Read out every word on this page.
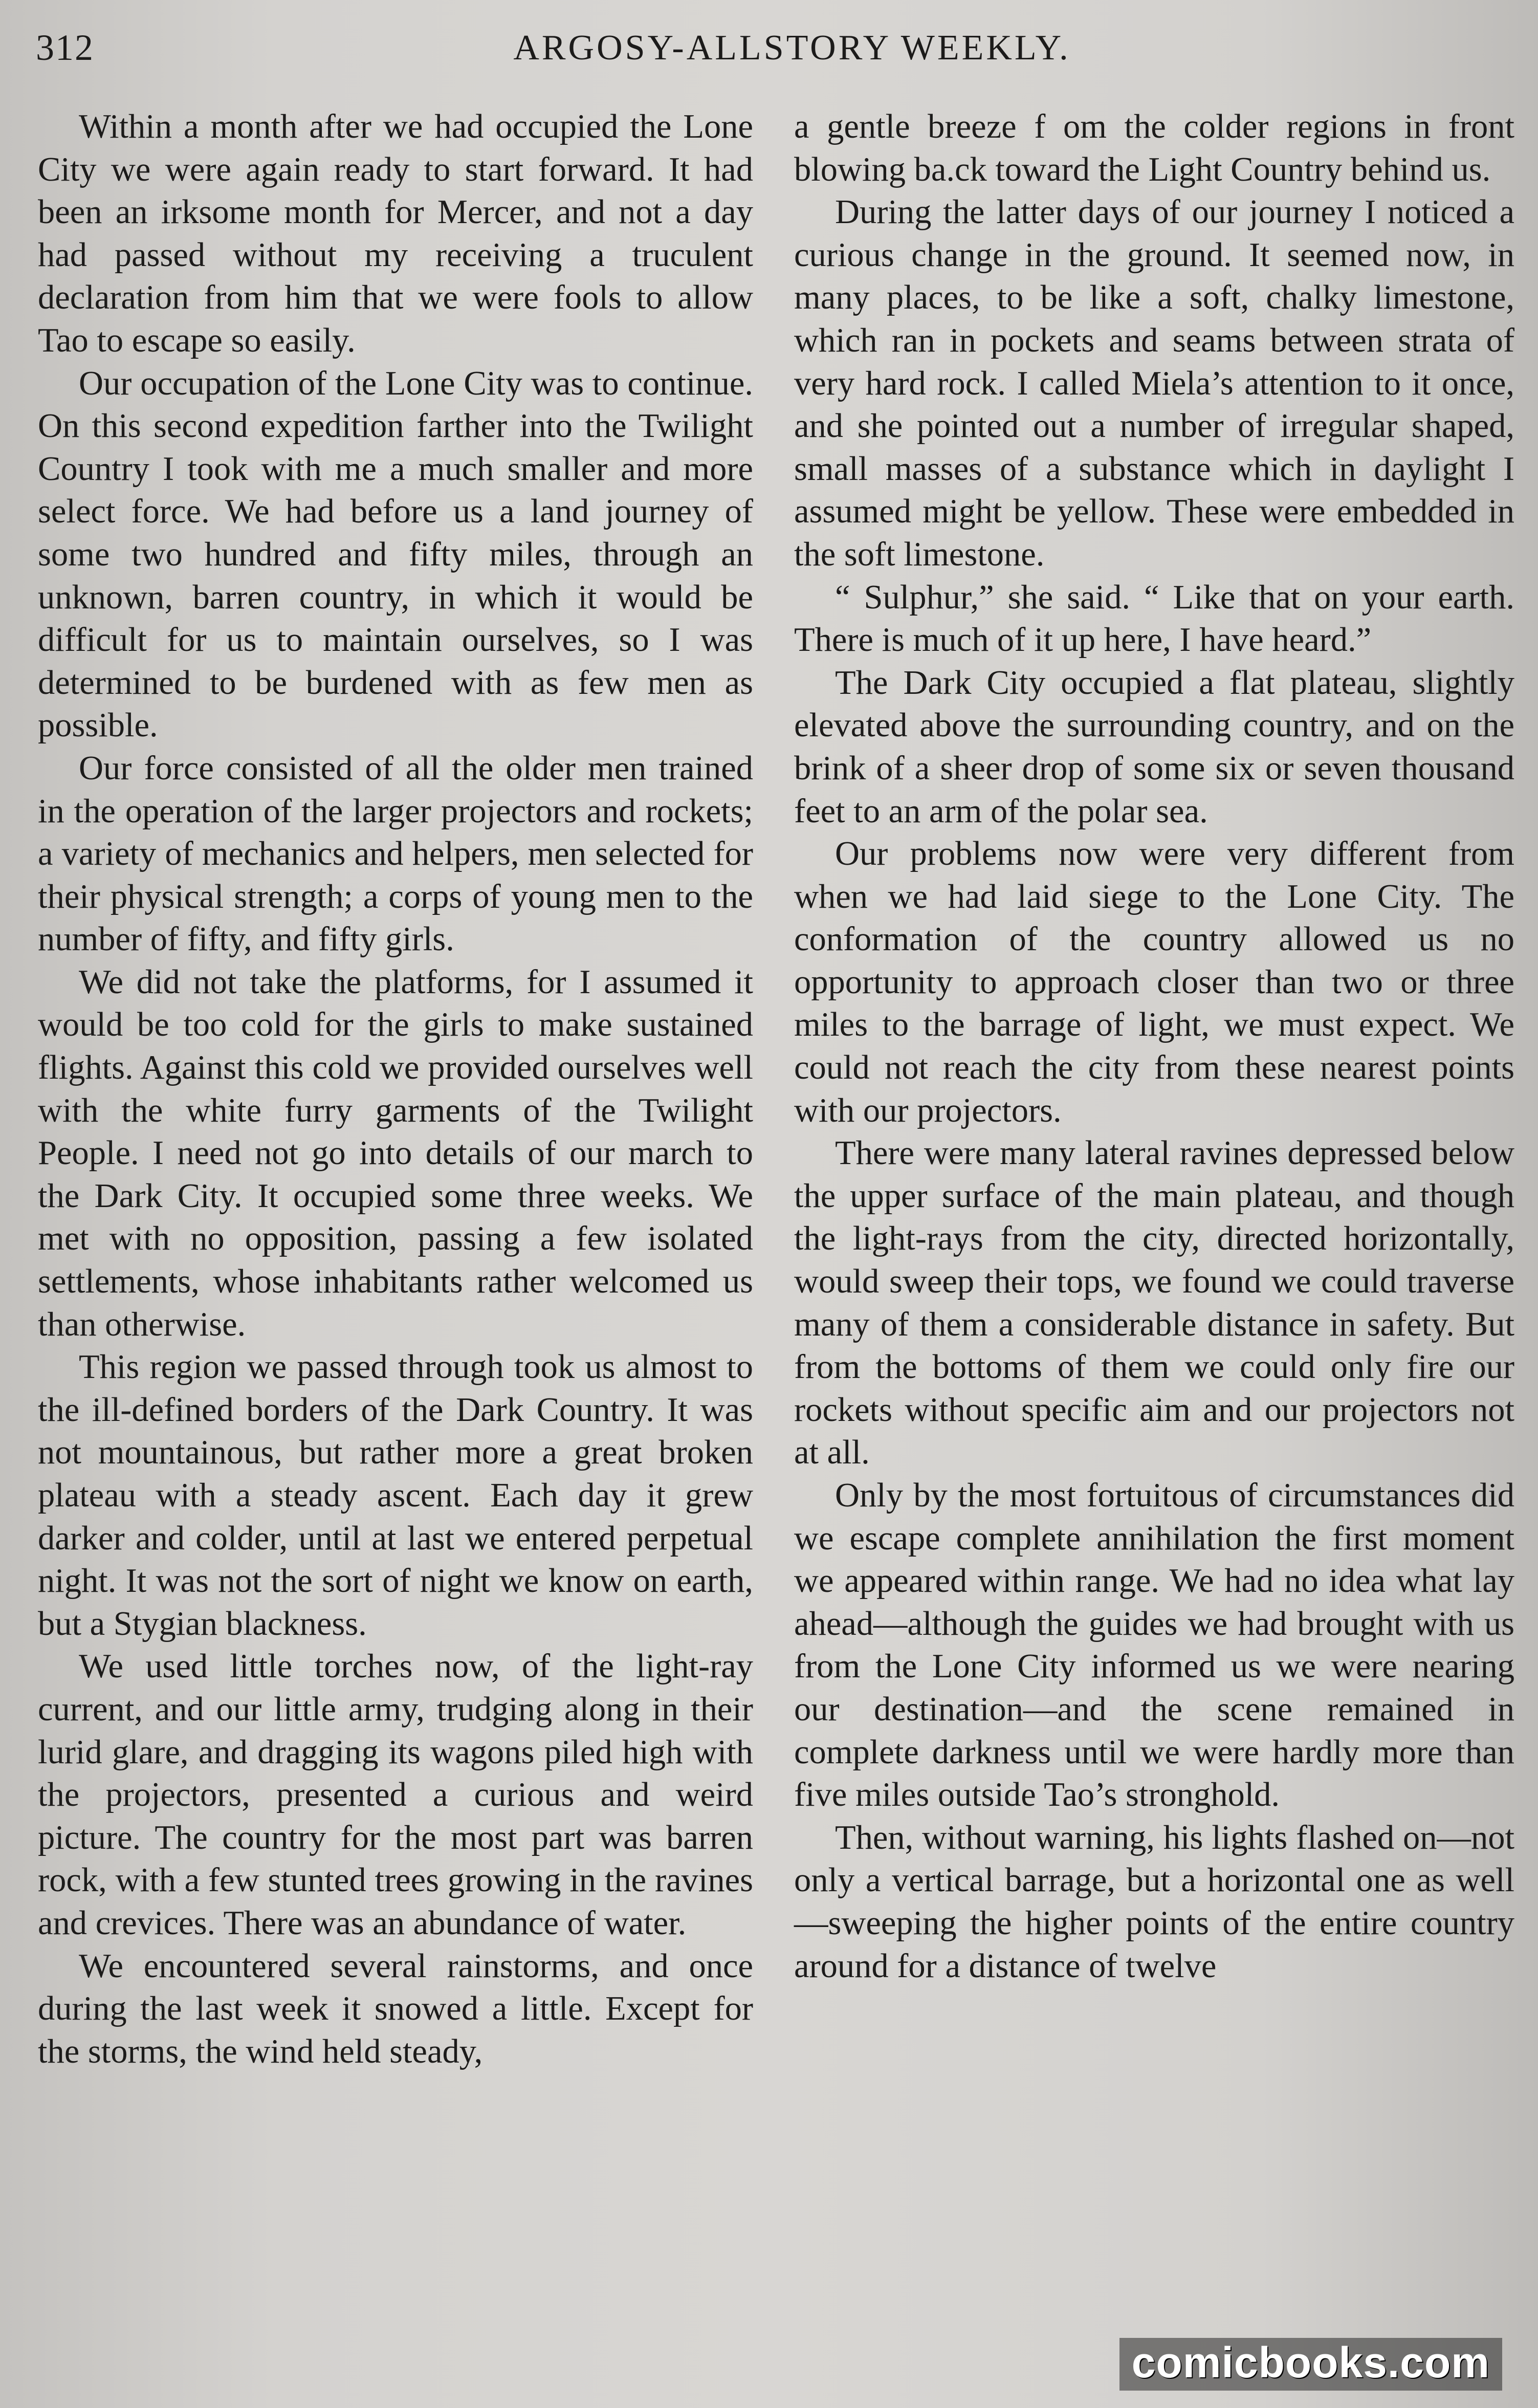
312	ARGOSY-ALLSTORY WEEKLY.

Within a month after we had occupied the Lone City we were again ready to start forward. It had been an irksome month for Mercer, and not a day had passed without my receiving a truculent declaration from him that we were fools to allow Tao to escape so easily.

Our occupation of the Lone City was to continue. On this second expedition farther into the Twilight Country I took with me a much smaller and more select force. We had before us a land journey of some two hundred and fifty miles, through an unknown, barren country, in which it would be difficult for us to maintain ourselves, so I was determined to be burdened with as few men as possible.

Our force consisted of all the older men trained in the operation of the larger projectors and rockets; a variety of mechanics and helpers, men selected for their physical strength; a corps of young men to the number of fifty, and fifty girls.

We did not take the platforms, for I assumed it would be too cold for the girls to make sustained flights. Against this cold we provided ourselves well with the white furry garments of the Twilight People. I need not go into details of our march to the Dark City. It occupied some three weeks. We met with no opposition, passing a few isolated settlements, whose inhabitants rather welcomed us than otherwise.

This region we passed through took us almost to the ill-defined borders of the Dark Country. It was not mountainous, but rather more a great broken plateau with a steady ascent. Each day it grew darker and colder, until at last we entered perpetual night. It was not the sort of night we know on earth, but a Stygian blackness.

We used little torches now, of the light-ray current, and our little army, trudging along in their lurid glare, and dragging its wagons piled high with the projectors, presented a curious and weird picture. The country for the most part was barren rock, with a few stunted trees growing in the ravines and crevices. There was an abundance of water.

We encountered several rainstorms, and once during the last week it snowed a little. Except for the storms, the wind held steady,

a gentle breeze f om the colder regions in front blowing ba.ck toward the Light Country behind us.

During the latter days of our journey I noticed a curious change in the ground. It seemed now, in many places, to be like a soft, chalky limestone, which ran in pockets and seams between strata of very hard rock. I called Miela’s attention to it once, and she pointed out a number of irregular shaped, small masses of a substance which in daylight I assumed might be yellow. These were embedded in the soft limestone.

“ Sulphur,” she said. “ Like that on your earth. There is much of it up here, I have heard.”

The Dark City occupied a flat plateau, slightly elevated above the surrounding country, and on the brink of a sheer drop of some six or seven thousand feet to an arm of the polar sea.

Our problems now were very different from when we had laid siege to the Lone City. The conformation of the country allowed us no opportunity to approach closer than two or three miles to the barrage of light, we must expect. We could not reach the city from these nearest points with our projectors.

There were many lateral ravines depressed below the upper surface of the main plateau, and though the light-rays from the city, directed horizontally, would sweep their tops, we found we could traverse many of them a considerable distance in safety. But from the bottoms of them we could only fire our rockets without specific aim and our projectors not at all.

Only by the most fortuitous of circumstances did we escape complete annihilation the first moment we appeared within range. We had no idea what lay ahead—although the guides we had brought with us from the Lone City informed us we were nearing our destination—and the scene remained in complete darkness until we were hardly more than five miles outside Tao’s stronghold.

Then, without warning, his lights flashed on—not only a vertical barrage, but a horizontal one as well—sweeping the higher points of the entire country around for a distance of twelve

comicbooks.com
